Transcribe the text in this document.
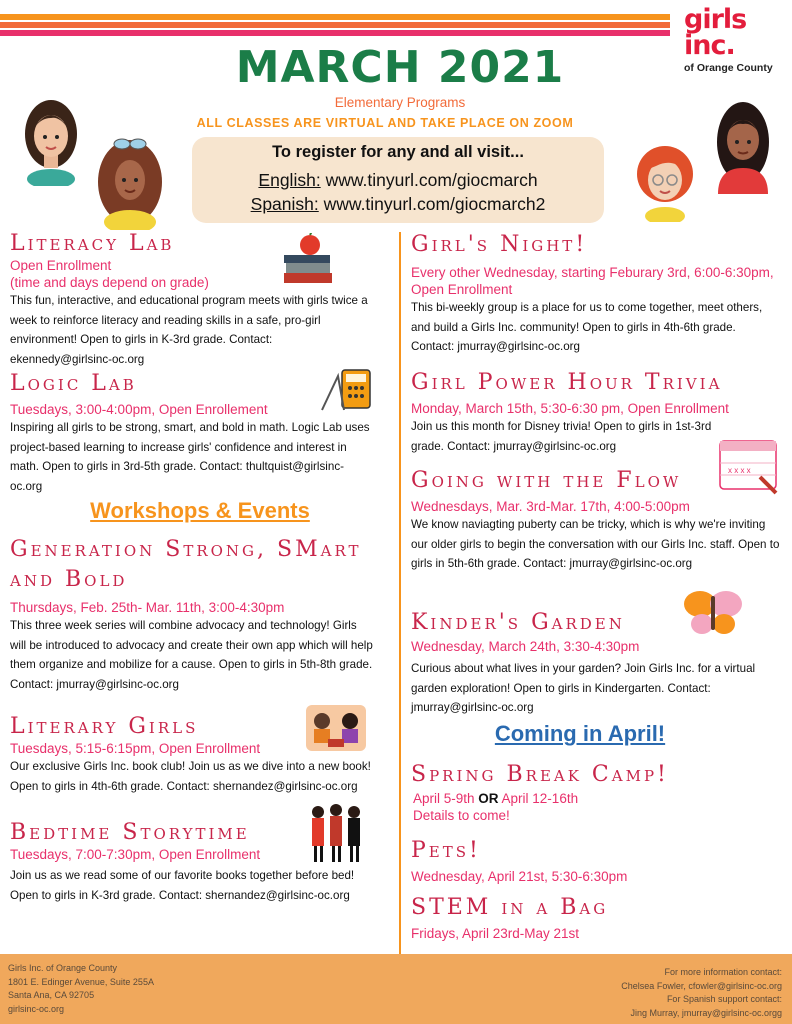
girls
inc.
of Orange County
MARCH 2021
Elementary Programs
ALL CLASSES ARE VIRTUAL AND TAKE PLACE ON ZOOM
To register for any and all visit...
English: www.tinyurl.com/giocmarch
Spanish: www.tinyurl.com/giocmarch2
Literacy Lab
Open Enrollment
(time and days depend on grade)
This fun, interactive, and educational program meets with girls twice a week to reinforce literacy and reading skills in a safe, pro-girl environment! Open to girls in K-3rd grade. Contact: ekennedy@girlsinc-oc.org
Logic Lab
Tuesdays, 3:00-4:00pm, Open Enrollement
Inspiring all girls to be strong, smart, and bold in math. Logic Lab uses project-based learning to increase girls' confidence and interest in math. Open to girls in 3rd-5th grade. Contact: thultquist@girlsinc-oc.org
Workshops & Events
Generation Strong, SMart
and Bold
Thursdays, Feb. 25th- Mar. 11th, 3:00-4:30pm
This three week series will combine advocacy and technology! Girls will be introduced to advocacy and create their own app which will help them organize and mobilize for a cause. Open to girls in 5th-8th grade. Contact: jmurray@girlsinc-oc.org
Literary Girls
Tuesdays, 5:15-6:15pm, Open Enrollment
Our exclusive Girls Inc. book club! Join us as we dive into a new book! Open to girls in 4th-6th grade. Contact: shernandez@girlsinc-oc.org
Bedtime Storytime
Tuesdays, 7:00-7:30pm, Open Enrollment
Join us as we read some of our favorite books together before bed! Open to girls in K-3rd grade. Contact: shernandez@girlsinc-oc.org
Girl's Night!
Every other Wednesday, starting Feburary 3rd, 6:00-6:30pm, Open Enrollment
This bi-weekly group is a place for us to come together, meet others, and build a Girls Inc. community! Open to girls in 4th-6th grade. Contact: jmurray@girlsinc-oc.org
Girl Power Hour Trivia
Monday, March 15th, 5:30-6:30 pm, Open Enrollment
Join us this month for Disney trivia! Open to girls in 1st-3rd grade. Contact: jmurray@girlsinc-oc.org
x x x x
Going with the Flow
Wednesdays, Mar. 3rd-Mar. 17th, 4:00-5:00pm
We know naviagting puberty can be tricky, which is why we're inviting our older girls to begin the conversation with our Girls Inc. staff. Open to girls in 5th-6th grade. Contact: jmurray@girlsinc-oc.org
Kinder's Garden
Wednesday, March 24th, 3:30-4:30pm
Curious about what lives in your garden? Join Girls Inc. for a virtual garden exploration! Open to girls in Kindergarten. Contact: jmurray@girlsinc-oc.org
Coming in April!
Spring Break Camp!
April 5-9th OR April 12-16th
Details to come!
Pets!
Wednesday, April 21st, 5:30-6:30pm
STEM in a Bag
Fridays, April 23rd-May 21st
Girls Inc. of Orange County
1801 E. Edinger Avenue, Suite 255A
Santa Ana, CA 92705
girlsinc-oc.org
For more information contact:
Chelsea Fowler, cfowler@girlsinc-oc.org
For Spanish support contact:
Jing Murray, jmurray@girlsinc-oc.orgg
